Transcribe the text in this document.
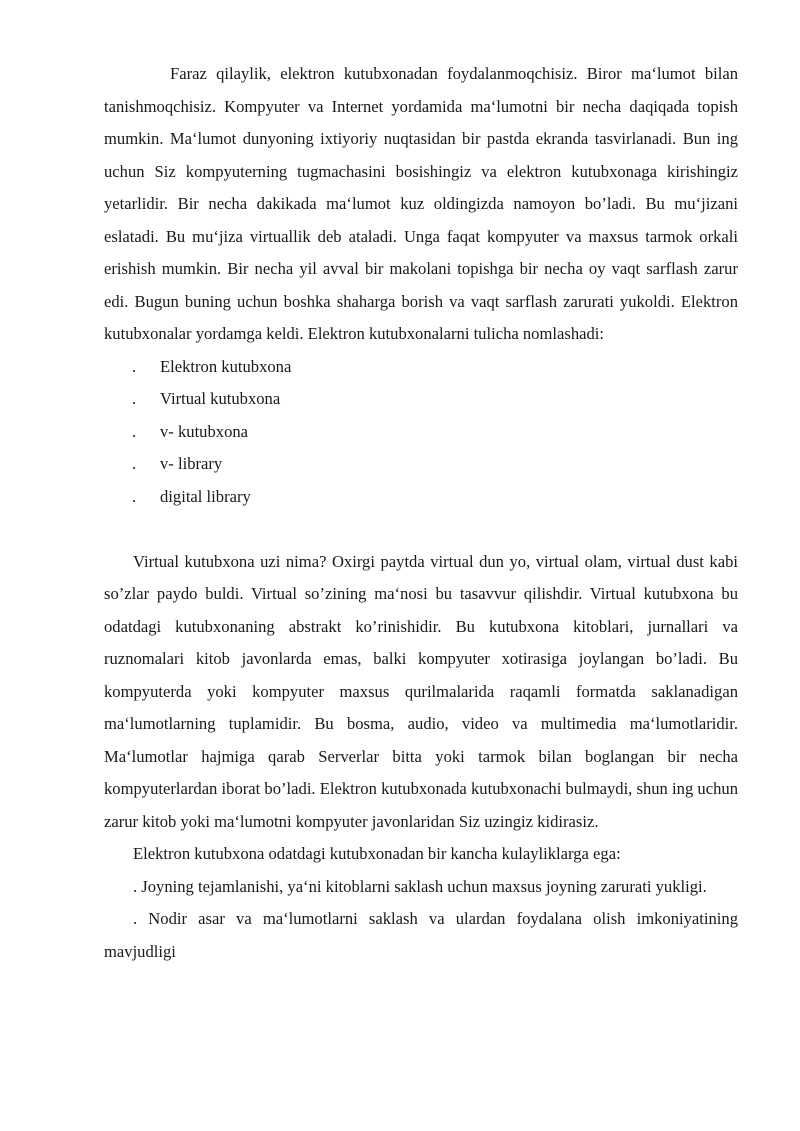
Faraz qilaylik, elektron kutubxonadan foydalanmoqchisiz. Biror ma‘lumot bilan tanishmoqchisiz. Kompyuter va Internet yordamida ma‘lumotni bir necha daqiqada topish mumkin. Ma‘lumot dunyoning ixtiyoriy nuqtasidan bir pastda ekranda tasvirlanadi. Bun ing uchun Siz kompyuterning tugmachasini bosishingiz va elektron kutubxonaga kirishingiz yetarlidir. Bir necha dakikada ma‘lumot kuz oldingizda namoyon bo’ladi. Bu mu‘jizani eslatadi. Bu mu‘jiza virtuallik deb ataladi. Unga faqat kompyuter va maxsus tarmok orkali erishish mumkin. Bir necha yil avval bir makolani topishga bir necha oy vaqt sarflash zarur edi. Bugun buning uchun boshka shaharga borish va vaqt sarflash zarurati yukoldi. Elektron kutubxonalar yordamga keldi. Elektron kutubxonalarni tulicha nomlashadi:

.	Elektron kutubxona
.	Virtual kutubxona
.	v- kutubxona
.	v- library
.	digital library

Virtual kutubxona uzi nima? Oxirgi paytda virtual dun yo, virtual olam, virtual dust kabi so’zlar paydo buldi. Virtual so’zining ma‘nosi bu tasavvur qilishdir. Virtual kutubxona bu odatdagi kutubxonaning abstrakt ko’rinishidir. Bu kutubxona kitoblari, jurnallari va ruznomalari kitob javonlarda emas, balki kompyuter xotirasiga joylangan bo’ladi. Bu kompyuterda yoki kompyuter maxsus qurilmalarida raqamli formatda saklanadigan ma‘lumotlarning tuplamidir. Bu bosma, audio, video va multimedia ma‘lumotlaridir. Ma‘lumotlar hajmiga qarab Serverlar bitta yoki tarmok bilan boglangan bir necha kompyuterlardan iborat bo’ladi. Elektron kutubxonada kutubxonachi bulmaydi, shun ing uchun zarur kitob yoki ma‘lumotni kompyuter javonlaridan Siz uzingiz kidirasiz.

Elektron kutubxona odatdagi kutubxonadan bir kancha kulayliklarga ega:

. Joyning tejamlanishi, ya‘ni kitoblarni saklash uchun maxsus joyning zarurati yukligi.

. Nodir asar va ma‘lumotlarni saklash va ulardan foydalana olish imkoniyatining mavjudligi
